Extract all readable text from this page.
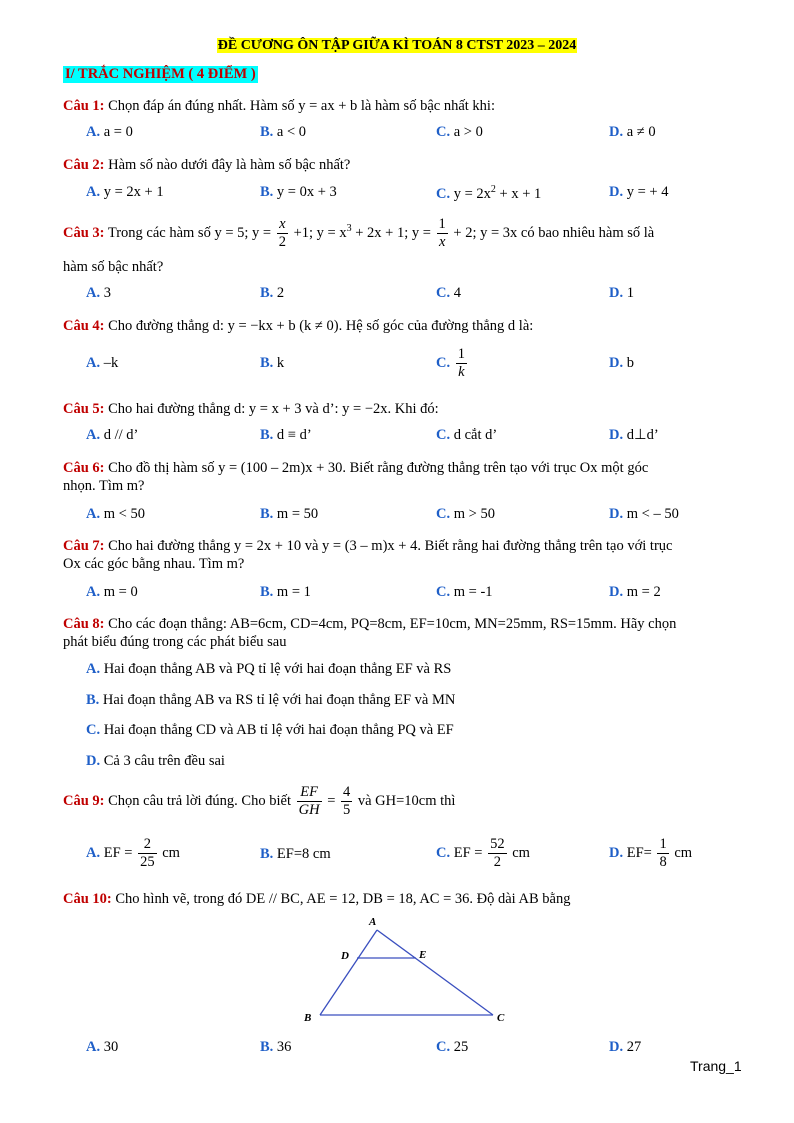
ĐỀ CƯƠNG ÔN TẬP GIỮA KÌ TOÁN 8 CTST 2023 – 2024
I/ TRẮC NGHIỆM ( 4 ĐIỂM )
Câu 1: Chọn đáp án đúng nhất. Hàm số y = ax + b là hàm số bậc nhất khi:
A. a = 0	B. a < 0	C. a > 0	D. a ≠ 0
Câu 2: Hàm số nào dưới đây là hàm số bậc nhất?
A. y = 2x + 1	B. y = 0x + 3	C. $y = 2x^2 + x + 1$	D. y = + 4
Câu 3: Trong các hàm số y = 5; $y = \frac{x}{2} +1$; $y = x^3 + 2x + 1$; $y = \frac{1}{x} + 2$; y = 3x có bao nhiêu hàm số là
hàm số bậc nhất?
A. 3	B. 2	C. 4	D. 1
Câu 4: Cho đường thẳng d: y = −kx + b (k ≠ 0). Hệ số góc của đường thẳng d là:
A. –k	B. k	C. $\frac{1}{k}$	D. b
Câu 5: Cho hai đường thẳng d: y = x + 3 và d’: y = −2x. Khi đó:
A. d // d’	B. d ≡ d’	C. d cắt d’	D. d⊥d’
Câu 6: Cho đồ thị hàm số y = (100 – 2m)x + 30. Biết rằng đường thẳng trên tạo với trục Ox một góc
nhọn. Tìm m?
A. m < 50	B. m = 50	C. m > 50	D. m < – 50
Câu 7: Cho hai đường thẳng y = 2x + 10 và y = (3 – m)x + 4. Biết rằng hai đường thẳng trên tạo với trục
Ox các góc bằng nhau. Tìm m?
A. m = 0	B. m = 1	C. m = -1	D. m = 2
Câu 8: Cho các đoạn thẳng: AB=6cm, CD=4cm, PQ=8cm, EF=10cm, MN=25mm, RS=15mm. Hãy chọn
phát biểu đúng trong các phát biểu sau
A. Hai đoạn thẳng AB và PQ tỉ lệ với hai đoạn thẳng EF và RS
B. Hai đoạn thẳng AB va RS tỉ lệ với hai đoạn thẳng EF và MN
C. Hai đoạn thẳng CD và AB tỉ lệ với hai đoạn thẳng PQ và EF
D. Cả 3 câu trên đều sai
Câu 9: Chọn câu trả lời đúng. Cho biết $\frac{EF}{GH} = \frac{4}{5}$ và GH=10cm thì
A. EF = $\frac{2}{25}$ cm	B. EF=8 cm	C. EF = $\frac{52}{2}$ cm	D. $EF= \frac{1}{8}$ cm
Câu 10: Cho hình vẽ, trong đó DE // BC, AE = 12, DB = 18, AC = 36. Độ dài AB bằng
A
D	E
B	C
A. 30	B. 36	C. 25	D. 27
Trang_1
